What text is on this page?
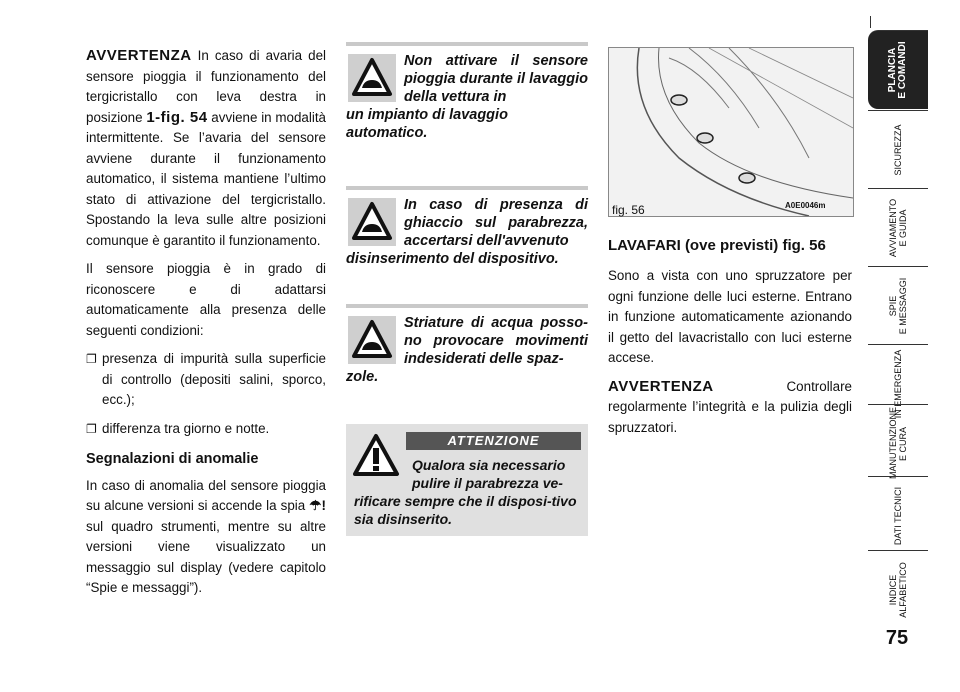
AVVERTENZA In caso di avaria del sensore pioggia il funzionamento del tergicristallo con leva destra in posizione 1-fig. 54 avviene in modalità intermittente. Se l’avaria del sensore avviene durante il funzionamento automatico, il sistema mantiene l’ultimo stato di attivazione del tergicristallo. Spostando la leva sulle altre posizioni comunque è garantito il funzionamento.

Il sensore pioggia è in grado di riconoscere e di adattarsi automaticamente alla presenza delle seguenti condizioni:

❐ presenza di impurità sulla superficie di controllo (depositi salini, sporco, ecc.);
❐ differenza tra giorno e notte.
Segnalazioni di anomalie

In caso di anomalia del sensore pioggia su alcune versioni si accende la spia ☂! sul quadro strumenti, mentre su altre versioni viene visualizzato un messaggio sul display (vedere capitolo “Spie e messaggi”).

Non attivare il sensore pioggia durante il lavaggio della vettura in
un impianto di lavaggio automatico.
In caso di presenza di ghiaccio sul parabrezza, accertarsi dell'avvenuto
disinserimento del dispositivo.
Striature di acqua posso-no provocare movimenti indesiderati delle spaz-
zole.
ATTENZIONE
Qualora sia necessario pulire il parabrezza ve-
rificare sempre che il disposi-tivo sia disinserito.
fig. 56	A0E0046m
LAVAFARI (ove previsti) fig. 56

Sono a vista con uno spruzzatore per ogni funzione delle luci esterne. Entrano in funzione automaticamente azionando il getto del lavacristallo con luci esterne accese.

AVVERTENZA Controllare regolarmente l’integrità e la pulizia degli spruzzatori.

PLANCIA
E COMANDI
SICUREZZA
AVVIAMENTO
E GUIDA
SPIE
E MESSAGGI
IN EMERGENZA
MANUTENZIONE
E CURA
DATI TECNICI
INDICE
ALFABETICO
75
